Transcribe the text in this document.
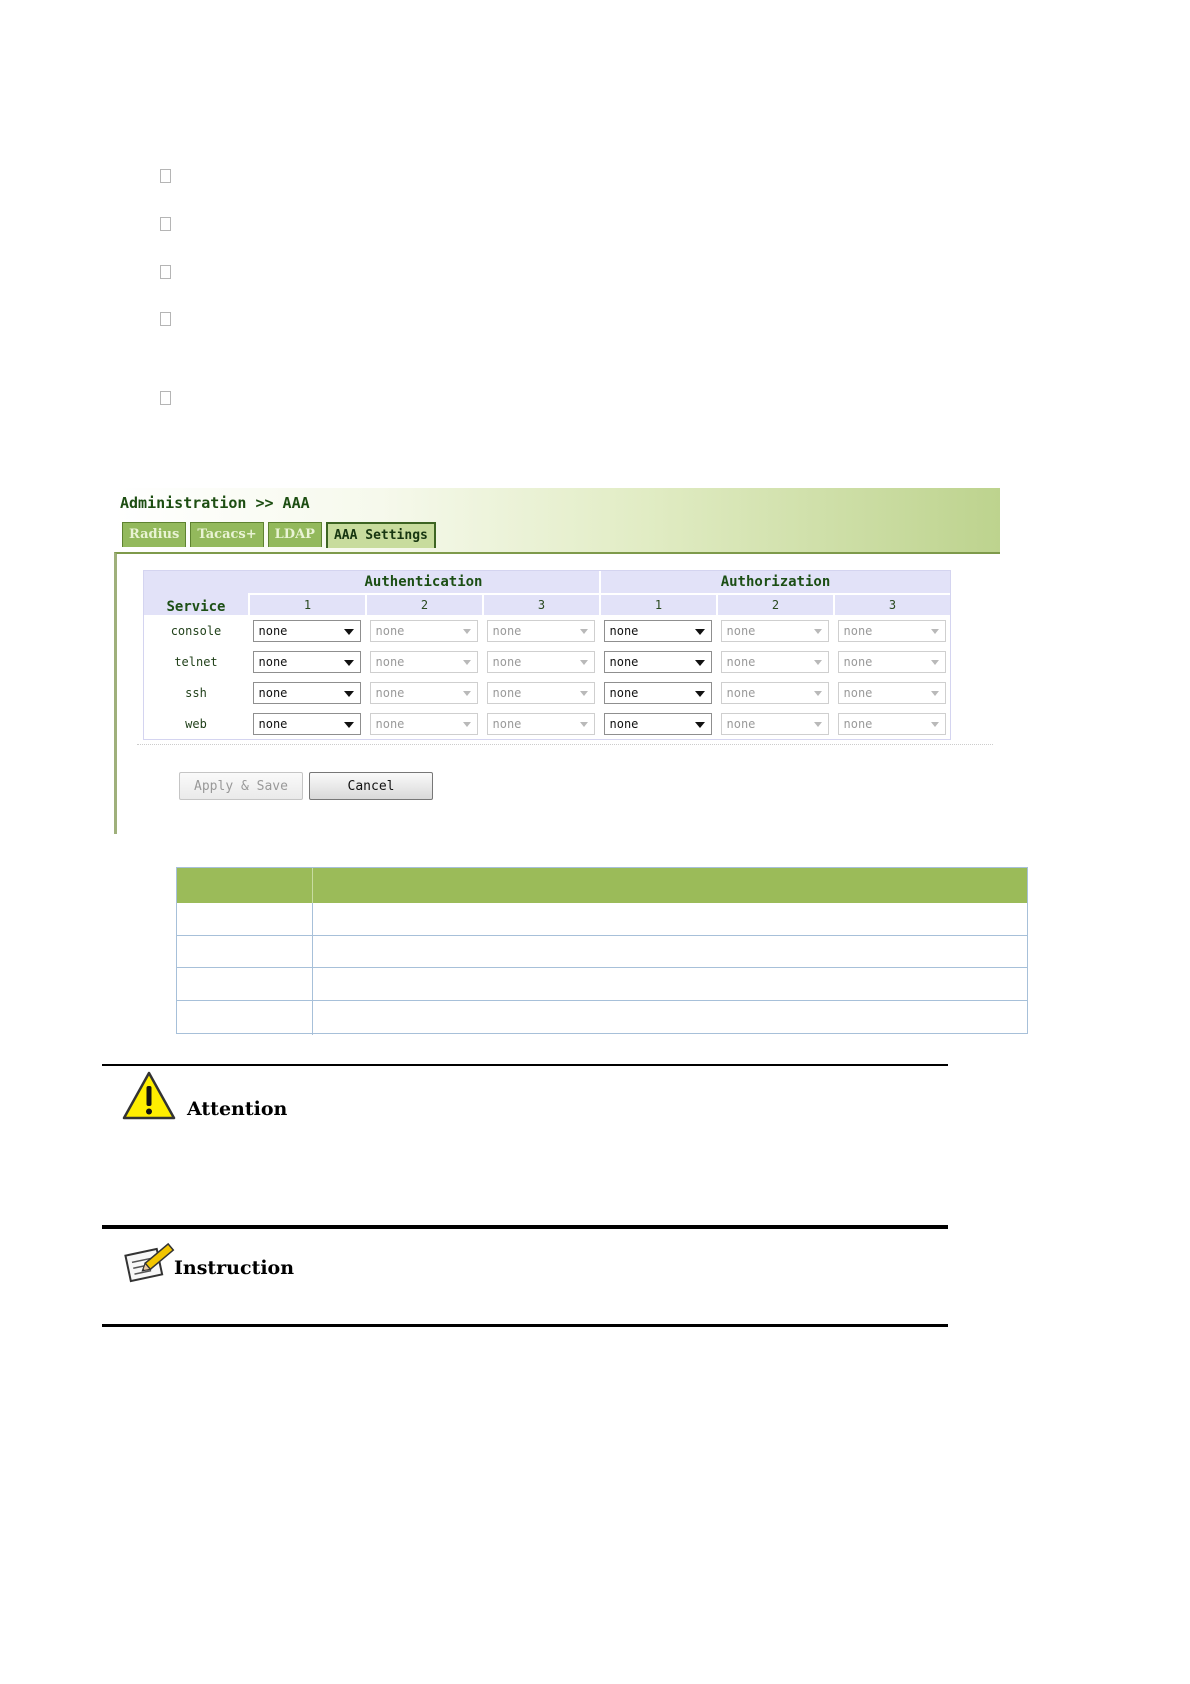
Administration >> AAA
Radius	Tacacs+	LDAP	AAA Settings
Service	Authentication			Authorization		
	1	2	3	1	2	3
console	none	none	none	none	none	none

telnet	none	none	none	none	none	none

ssh	none	none	none	none	none	none

web	none	none	none	none	none	none
Apply & Save	Cancel
Attention
Instruction
